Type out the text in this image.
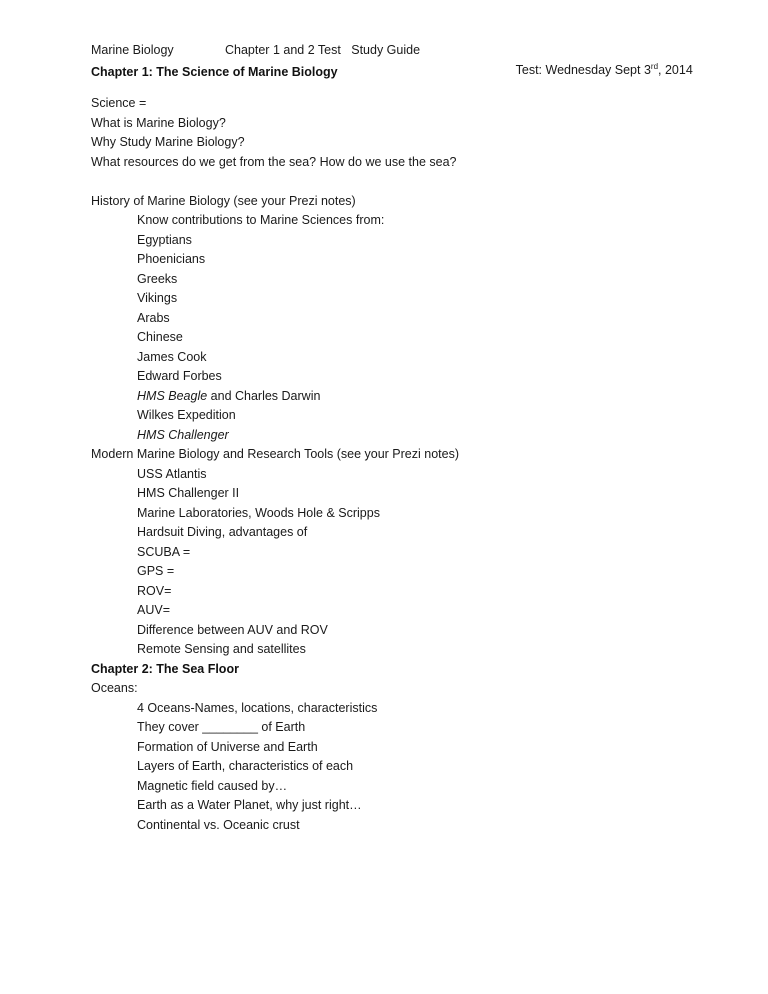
Marine Biology	Chapter 1 and 2 Test   Study Guide

Test: Wednesday Sept 3rd, 2014

Chapter 1: The Science of Marine Biology
Science =
What is Marine Biology?
Why Study Marine Biology?
What resources do we get from the sea? How do we use the sea?
History of Marine Biology (see your Prezi notes)
Know contributions to Marine Sciences from:
Egyptians
Phoenicians
Greeks
Vikings
Arabs
Chinese
James Cook
Edward Forbes
HMS Beagle and Charles Darwin
Wilkes Expedition
HMS Challenger
Modern Marine Biology and Research Tools (see your Prezi notes)
USS Atlantis
HMS Challenger II
Marine Laboratories, Woods Hole & Scripps
Hardsuit Diving, advantages of
SCUBA =
GPS =
ROV=
AUV=
Difference between AUV and ROV
Remote Sensing and satellites
Chapter 2: The Sea Floor
Oceans:
4 Oceans-Names, locations, characteristics
They cover ________ of Earth
Formation of Universe and Earth
Layers of Earth, characteristics of each
Magnetic field caused by…
Earth as a Water Planet, why just right…
Continental vs. Oceanic crust
